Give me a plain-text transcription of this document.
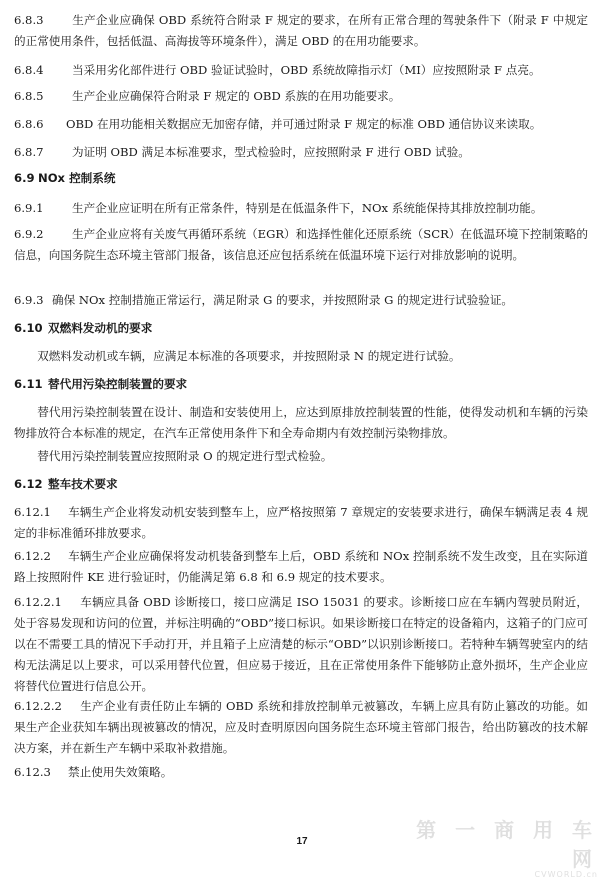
6.8.3 生产企业应确保 OBD 系统符合附录 F 规定的要求，在所有正常合理的驾驶条件下（附录 F 中规定的正常使用条件，包括低温、高海拔等环境条件），满足 OBD 的在用功能要求。

6.8.4 当采用劣化部件进行 OBD 验证试验时，OBD 系统故障指示灯（MI）应按照附录 F 点亮。

6.8.5 生产企业应确保符合附录 F 规定的 OBD 系族的在用功能要求。

6.8.6 OBD 在用功能相关数据应无加密存储，并可通过附录 F 规定的标准 OBD 通信协议来读取。

6.8.7 为证明 OBD 满足本标准要求，型式检验时，应按照附录 F 进行 OBD 试验。

6.9 NOx 控制系统

6.9.1 生产企业应证明在所有正常条件，特别是在低温条件下，NOx 系统能保持其排放控制功能。

6.9.2 生产企业应将有关废气再循环系统（EGR）和选择性催化还原系统（SCR）在低温环境下控制策略的信息，向国务院生态环境主管部门报备，该信息还应包括系统在低温环境下运行对排放影响的说明。

6.9.3 确保 NOx 控制措施正常运行，满足附录 G 的要求，并按照附录 G 的规定进行试验验证。

6.10 双燃料发动机的要求

双燃料发动机或车辆，应满足本标准的各项要求，并按照附录 N 的规定进行试验。

6.11 替代用污染控制装置的要求

替代用污染控制装置在设计、制造和安装使用上，应达到原排放控制装置的性能，使得发动机和车辆的污染物排放符合本标准的规定，在汽车正常使用条件下和全寿命期内有效控制污染物排放。

替代用污染控制装置应按照附录 O 的规定进行型式检验。

6.12 整车技术要求

6.12.1 车辆生产企业将发动机安装到整车上，应严格按照第 7 章规定的安装要求进行，确保车辆满足表 4 规定的非标准循环排放要求。

6.12.2 车辆生产企业应确保将发动机装备到整车上后，OBD 系统和 NOx 控制系统不发生改变，且在实际道路上按照附件 KE 进行验证时，仍能满足第 6.8 和 6.9 规定的技术要求。

6.12.2.1 车辆应具备 OBD 诊断接口，接口应满足 ISO 15031 的要求。诊断接口应在车辆内驾驶员附近，处于容易发现和访问的位置，并标注明确的“OBD”接口标识。如果诊断接口在特定的设备箱内，这箱子的门应可以在不需要工具的情况下手动打开，并且箱子上应清楚的标示“OBD”以识别诊断接口。若特种车辆驾驶室内的结构无法满足以上要求，可以采用替代位置，但应易于接近，且在正常使用条件下能够防止意外损坏，生产企业应将替代位置进行信息公开。

6.12.2.2 生产企业有责任防止车辆的 OBD 系统和排放控制单元被篡改，车辆上应具有防止篡改的功能。如果生产企业获知车辆出现被篡改的情况，应及时查明原因向国务院生态环境主管部门报告，给出防篡改的技术解决方案，并在新生产车辆中采取补救措施。

6.12.3 禁止使用失效策略。

第 一 商 用 车 网
CVWORLD.cn
17
